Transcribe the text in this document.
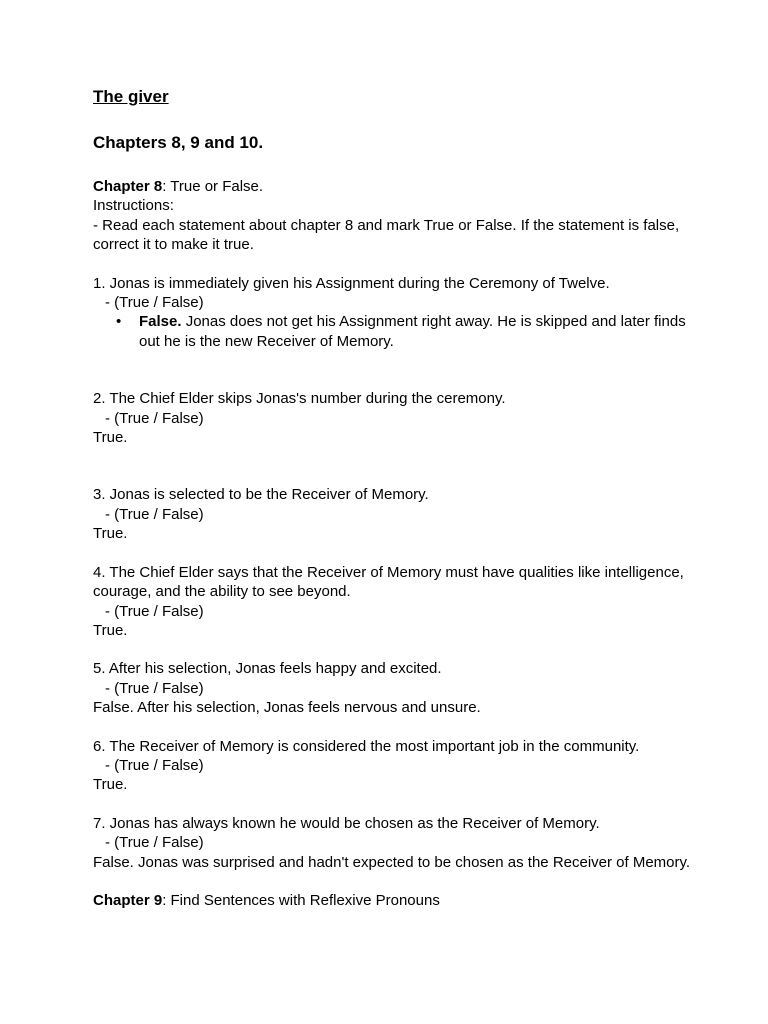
The giver
Chapters 8, 9 and 10.
Chapter 8: True or False.
Instructions:
- Read each statement about chapter 8 and mark True or False. If the statement is false, correct it to make it true.
1. Jonas is immediately given his Assignment during the Ceremony of Twelve.
- (True / False)
• False. Jonas does not get his Assignment right away. He is skipped and later finds out he is the new Receiver of Memory.
2. The Chief Elder skips Jonas's number during the ceremony.
- (True / False)
True.
3. Jonas is selected to be the Receiver of Memory.
- (True / False)
True.
4. The Chief Elder says that the Receiver of Memory must have qualities like intelligence, courage, and the ability to see beyond.
- (True / False)
True.
5. After his selection, Jonas feels happy and excited.
- (True / False)
False. After his selection, Jonas feels nervous and unsure.
6. The Receiver of Memory is considered the most important job in the community.
- (True / False)
True.
7. Jonas has always known he would be chosen as the Receiver of Memory.
- (True / False)
False. Jonas was surprised and hadn't expected to be chosen as the Receiver of Memory.
Chapter 9: Find Sentences with Reflexive Pronouns
